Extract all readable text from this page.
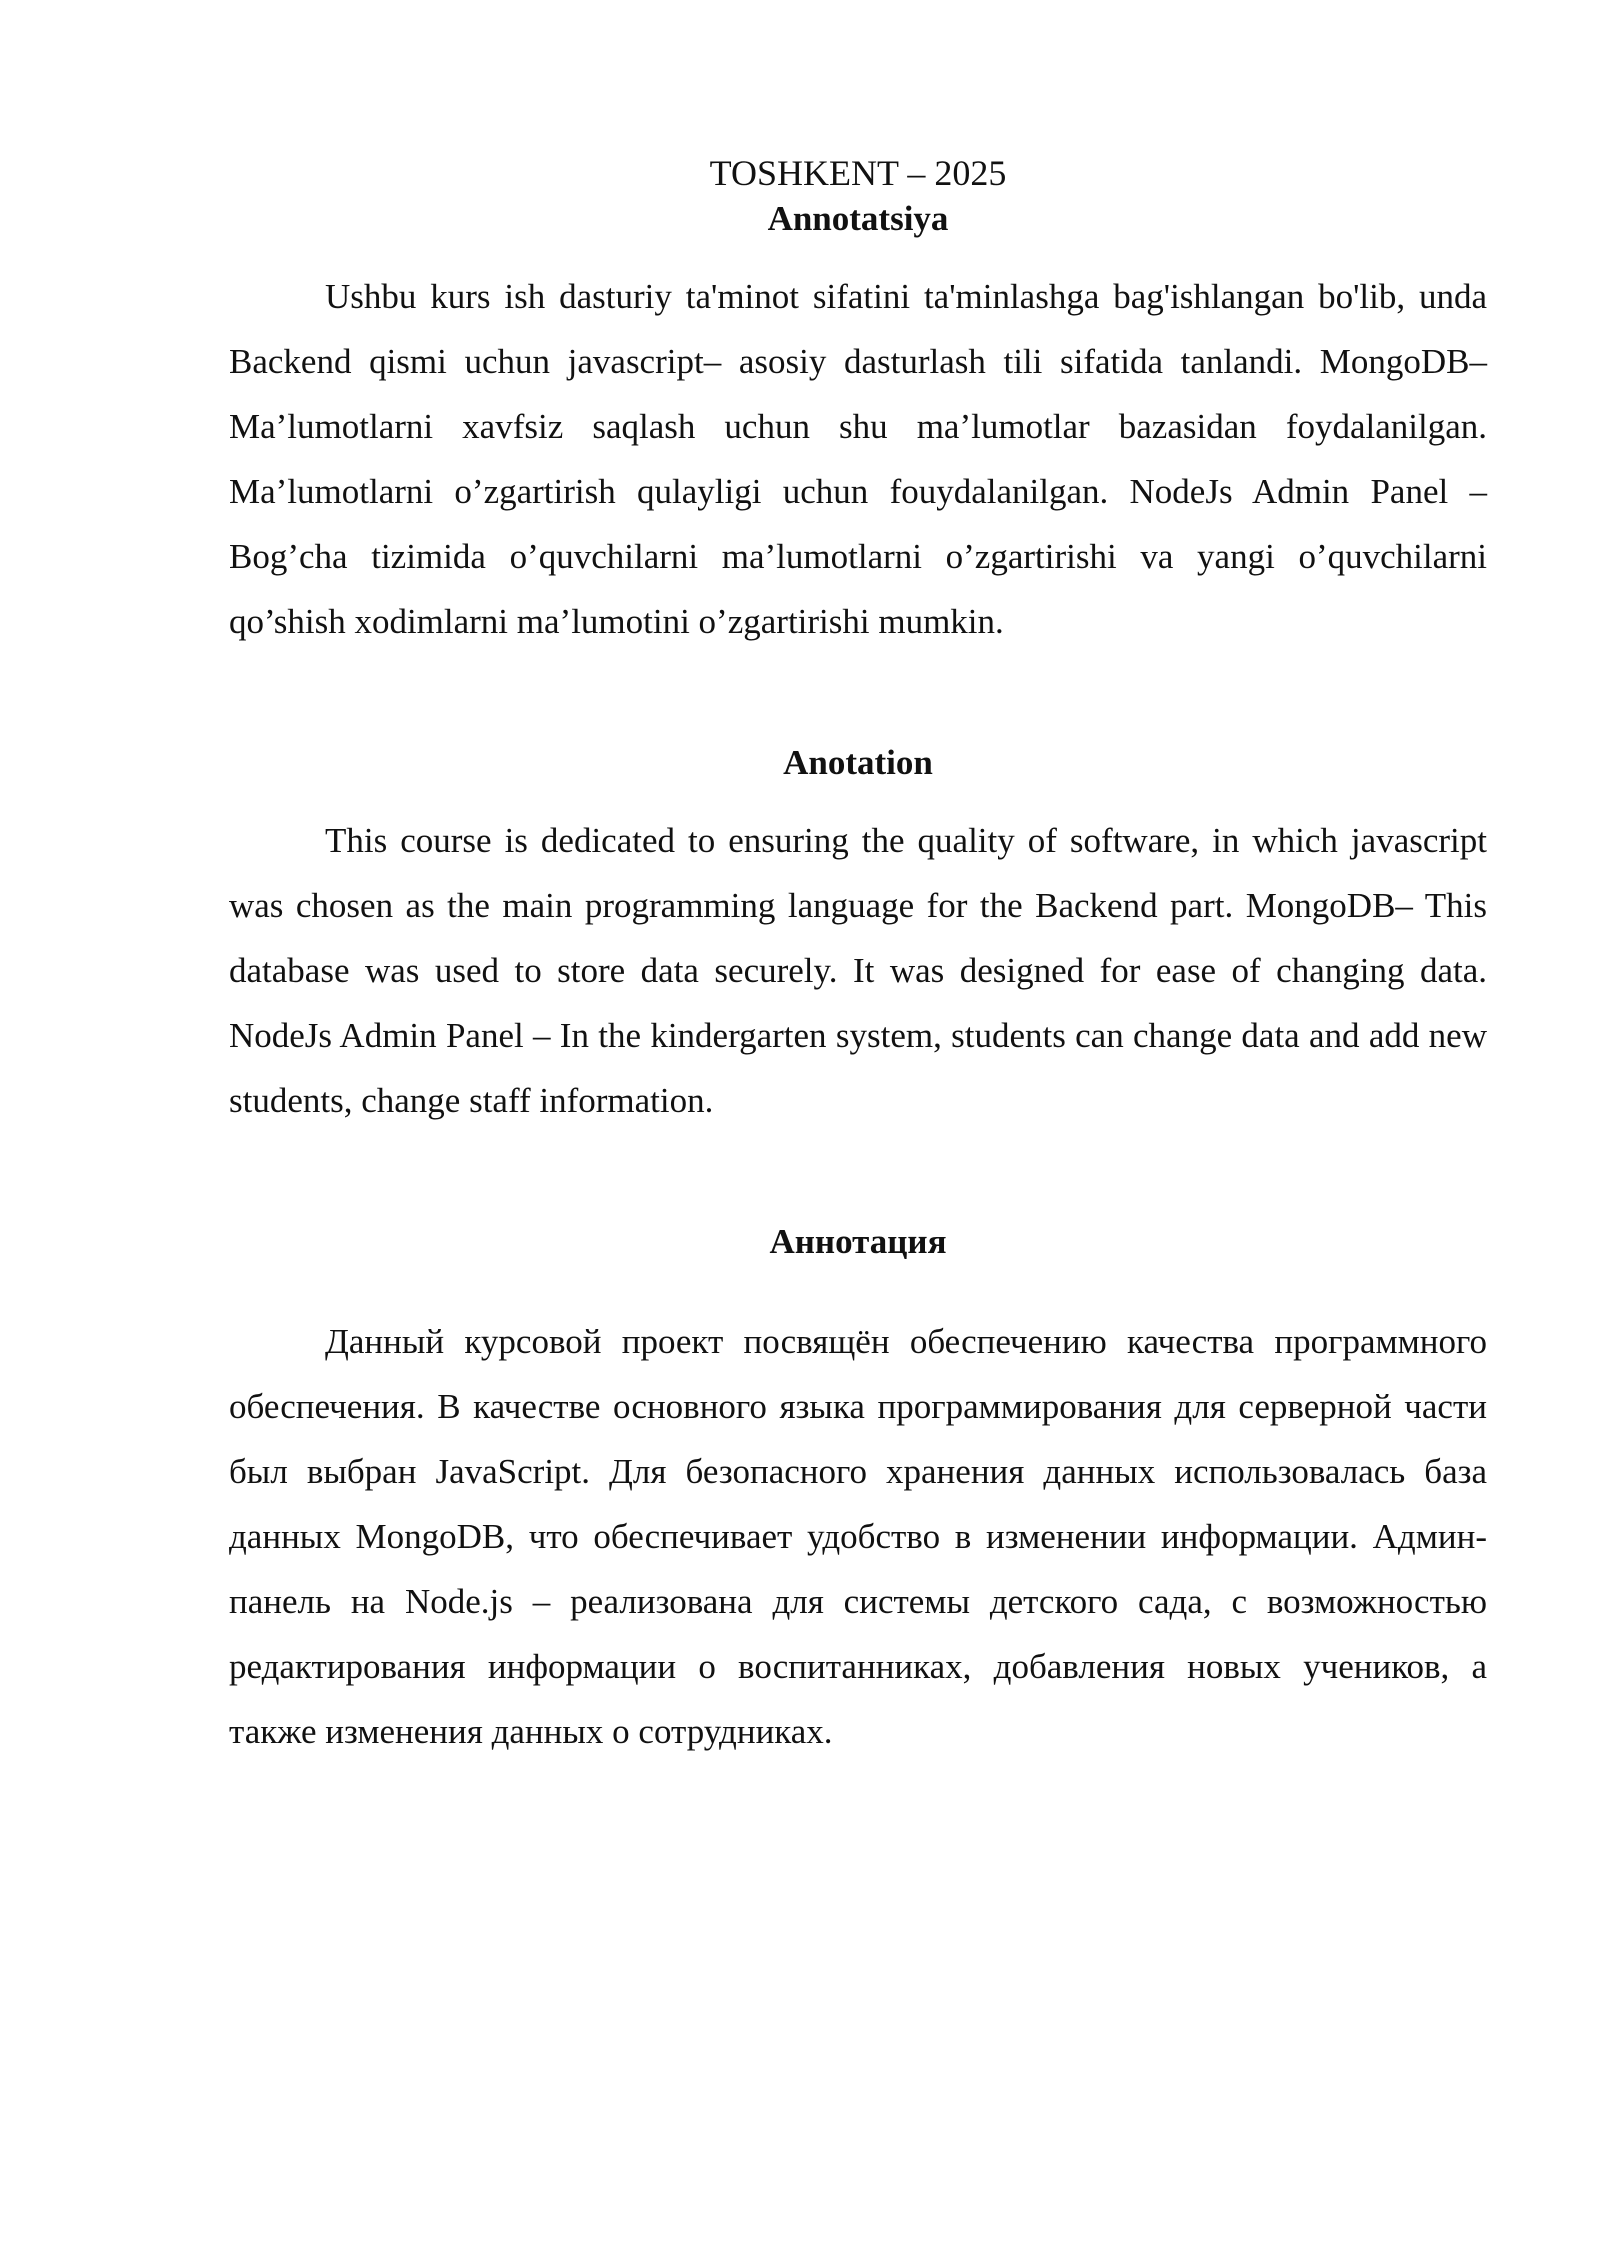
TOSHKENT – 2025

Annotatsiya

Ushbu kurs ish dasturiy ta'minot sifatini ta'minlashga bag'ishlangan bo'lib, unda Backend qismi uchun javascript– asosiy dasturlash tili sifatida tanlandi. MongoDB–Ma’lumotlarni xavfsiz saqlash uchun shu ma’lumotlar bazasidan foydalanilgan. Ma’lumotlarni o’zgartirish qulayligi uchun fouydalanilgan. NodeJs Admin Panel – Bog’cha tizimida o’quvchilarni ma’lumotlarni o’zgartirishi va yangi o’quvchilarni qo’shish xodimlarni ma’lumotini o’zgartirishi mumkin.

Anotation

This course is dedicated to ensuring the quality of software, in which javascript was chosen as the main programming language for the Backend part. MongoDB– This database was used to store data securely. It was designed for ease of changing data. NodeJs Admin Panel – In the kindergarten system, students can change data and add new students, change staff information.

Аннотация

Данный курсовой проект посвящён обеспечению качества программного обеспечения. В качестве основного языка программирования для серверной части был выбран JavaScript. Для безопасного хранения данных использовалась база данных MongoDB, что обеспечивает удобство в изменении информации. Админ-панель на Node.js – реализована для системы детского сада, с возможностью редактирования информации о воспитанниках, добавления новых учеников, а также изменения данных о сотрудниках.
